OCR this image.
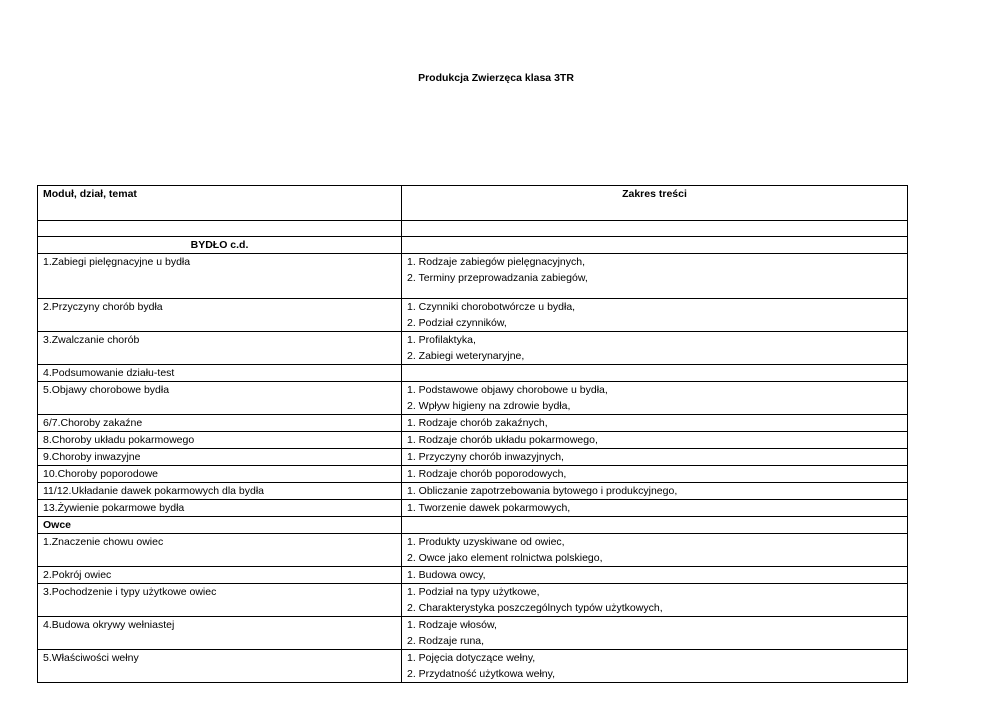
Produkcja Zwierzęca klasa 3TR
Moduł, dział, temat	Zakres treści

BYDŁO c.d.	
1.Zabiegi pielęgnacyjne u bydła	1. Rodzaje zabiegów pielęgnacyjnych,
2. Terminy przeprowadzania zabiegów,

2.Przyczyny chorób bydła	1. Czynniki chorobotwórcze u bydła,
2. Podział czynników,

3.Zwalczanie chorób	1. Profilaktyka,
2. Zabiegi weterynaryjne,

4.Podsumowanie działu-test	

5.Objawy chorobowe bydła	1. Podstawowe objawy chorobowe u bydła,
2. Wpływ higieny na zdrowie bydła,

6/7.Choroby zakaźne	1. Rodzaje chorób zakaźnych,

8.Choroby układu pokarmowego	1. Rodzaje chorób układu pokarmowego,

9.Choroby inwazyjne	1. Przyczyny chorób inwazyjnych,

10.Choroby poporodowe	1. Rodzaje chorób poporodowych,

11/12.Układanie dawek pokarmowych dla bydła	1. Obliczanie zapotrzebowania bytowego i produkcyjnego,

13.Żywienie pokarmowe bydła	1. Tworzenie dawek pokarmowych,

Owce	
1.Znaczenie chowu owiec	1. Produkty uzyskiwane od owiec,
2. Owce jako element rolnictwa polskiego,

2.Pokrój owiec	1. Budowa owcy,

3.Pochodzenie i typy użytkowe owiec	1. Podział na typy użytkowe,
2. Charakterystyka poszczególnych typów użytkowych,

4.Budowa okrywy wełniastej	1. Rodzaje włosów,
2. Rodzaje runa,

5.Właściwości wełny	1. Pojęcia dotyczące wełny,
2. Przydatność użytkowa wełny,
